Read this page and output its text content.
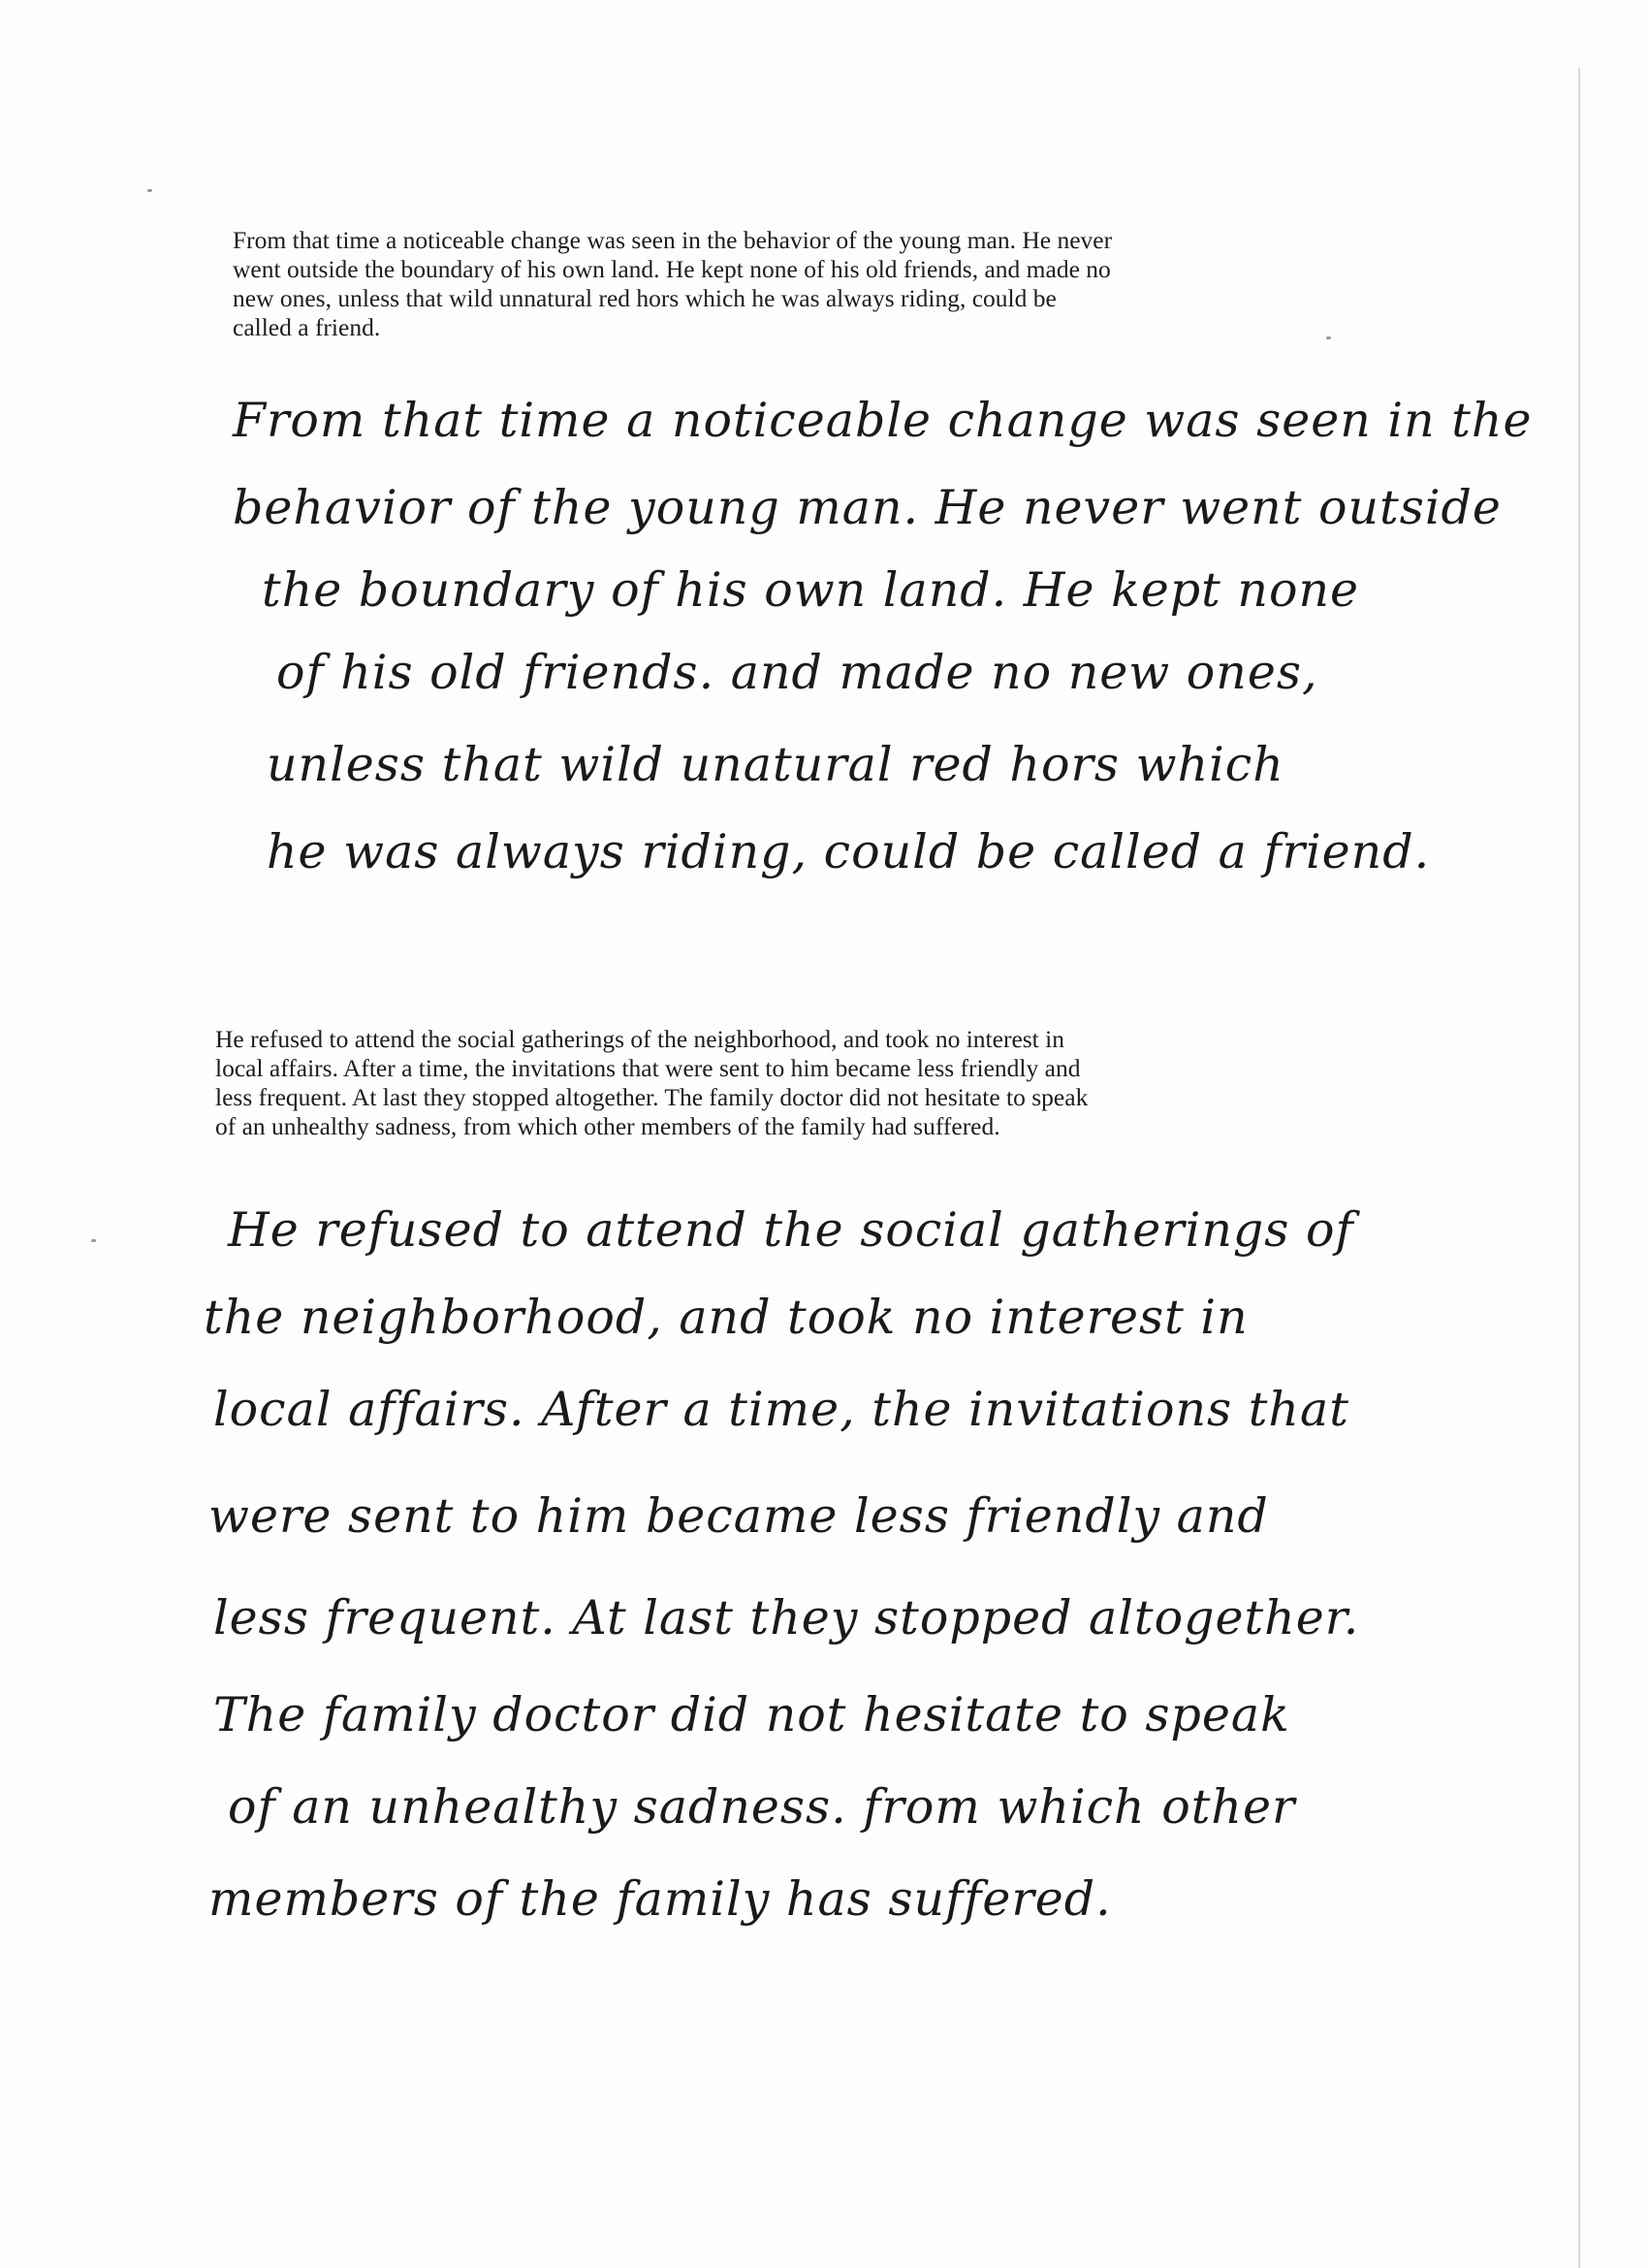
From that time a noticeable change was seen in the behavior of the young man. He never
went outside the boundary of his own land. He kept none of his old friends, and made no
new ones, unless that wild unnatural red hors which he was always riding, could be
called a friend.
From that time a noticeable change was seen in the
behavior of the young man. He never went outside
the boundary of his own land. He kept none
of his old friends. and made no new ones,
unless that wild unatural red hors which
he was always riding, could be called a friend.
He refused to attend the social gatherings of the neighborhood, and took no interest in
local affairs. After a time, the invitations that were sent to him became less friendly and
less frequent. At last they stopped altogether. The family doctor did not hesitate to speak
of an unhealthy sadness, from which other members of the family had suffered.
He refused to attend the social gatherings of
the neighborhood, and took no interest in
local affairs. After a time, the invitations that
were sent to him became less friendly and
less frequent. At last they stopped altogether.
The family doctor did not hesitate to speak
of an unhealthy sadness. from which other
members of the family has suffered.
